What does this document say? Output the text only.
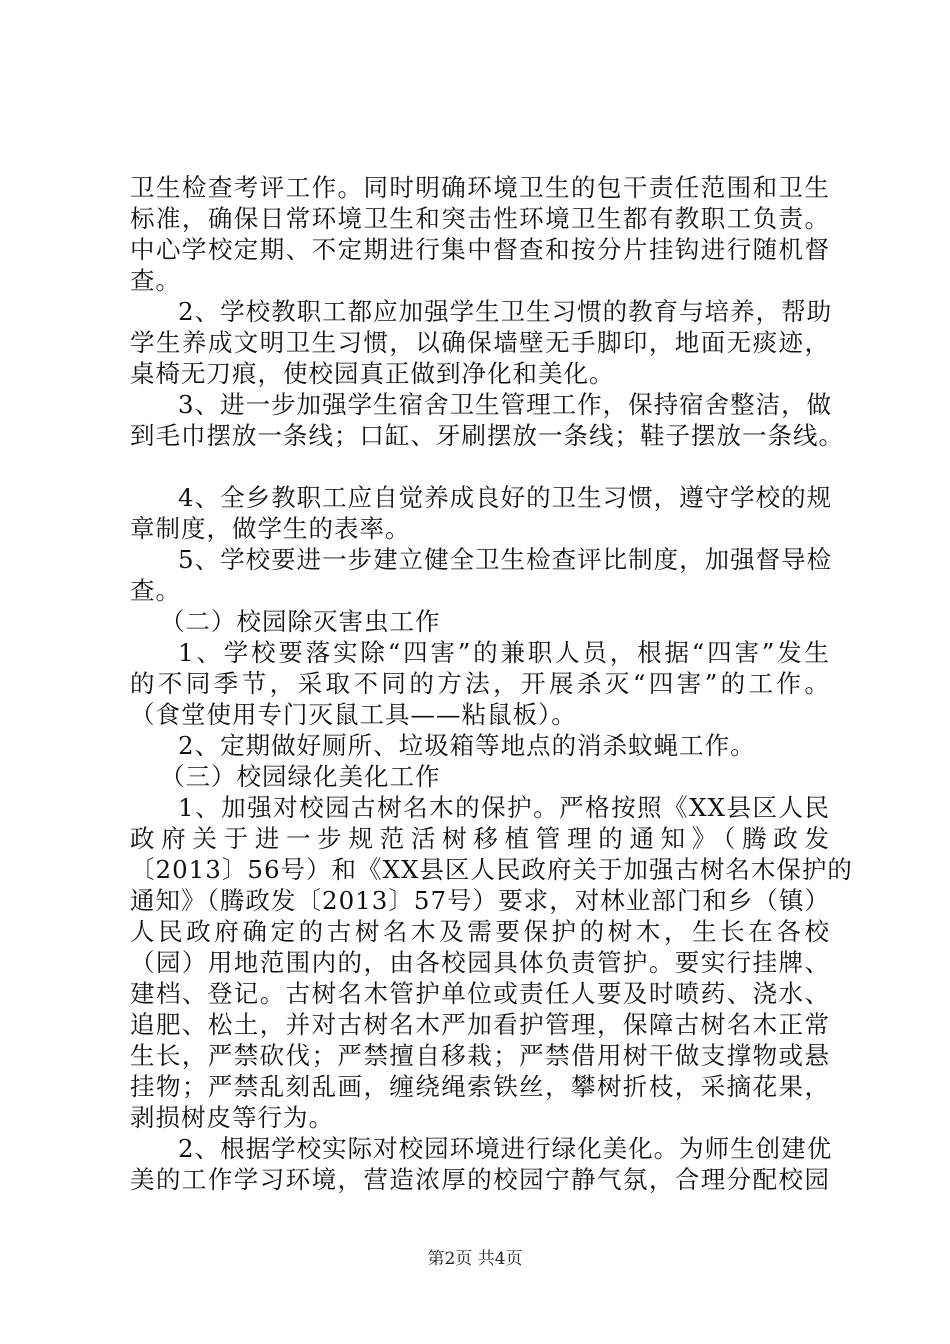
卫生检查考评工作。同时明确环境卫生的包干责任范围和卫生
标准，确保日常环境卫生和突击性环境卫生都有教职工负责。
中心学校定期、不定期进行集中督查和按分片挂钩进行随机督
查。
2、学校教职工都应加强学生卫生习惯的教育与培养，帮助
学生养成文明卫生习惯，以确保墙壁无手脚印，地面无痰迹，
桌椅无刀痕，使校园真正做到净化和美化。
3、进一步加强学生宿舍卫生管理工作，保持宿舍整洁，做
到毛巾摆放一条线；口缸、牙刷摆放一条线；鞋子摆放一条线。
4、全乡教职工应自觉养成良好的卫生习惯，遵守学校的规
章制度，做学生的表率。
5、学校要进一步建立健全卫生检查评比制度，加强督导检
查。
（二）校园除灭害虫工作
1、学校要落实除“四害”的兼职人员，根据“四害”发生
的不同季节，采取不同的方法，开展杀灭“四害”的工作。
（食堂使用专门灭鼠工具——粘鼠板）。
2、定期做好厕所、垃圾箱等地点的消杀蚊蝇工作。
（三）校园绿化美化工作
1、加强对校园古树名木的保护。严格按照《XX县区人民
政府关于进一步规范活树移植管理的通知》（腾政发
〔2013〕56号）和《XX县区人民政府关于加强古树名木保护的
通知》（腾政发〔2013〕57号）要求，对林业部门和乡（镇）
人民政府确定的古树名木及需要保护的树木，生长在各校
（园）用地范围内的，由各校园具体负责管护。要实行挂牌、
建档、登记。古树名木管护单位或责任人要及时喷药、浇水、
追肥、松土，并对古树名木严加看护管理，保障古树名木正常
生长，严禁砍伐；严禁擅自移栽；严禁借用树干做支撑物或悬
挂物；严禁乱刻乱画，缠绕绳索铁丝，攀树折枝，采摘花果，
剥损树皮等行为。
2、根据学校实际对校园环境进行绿化美化。为师生创建优
美的工作学习环境，营造浓厚的校园宁静气氛，合理分配校园
第2页 共4页
